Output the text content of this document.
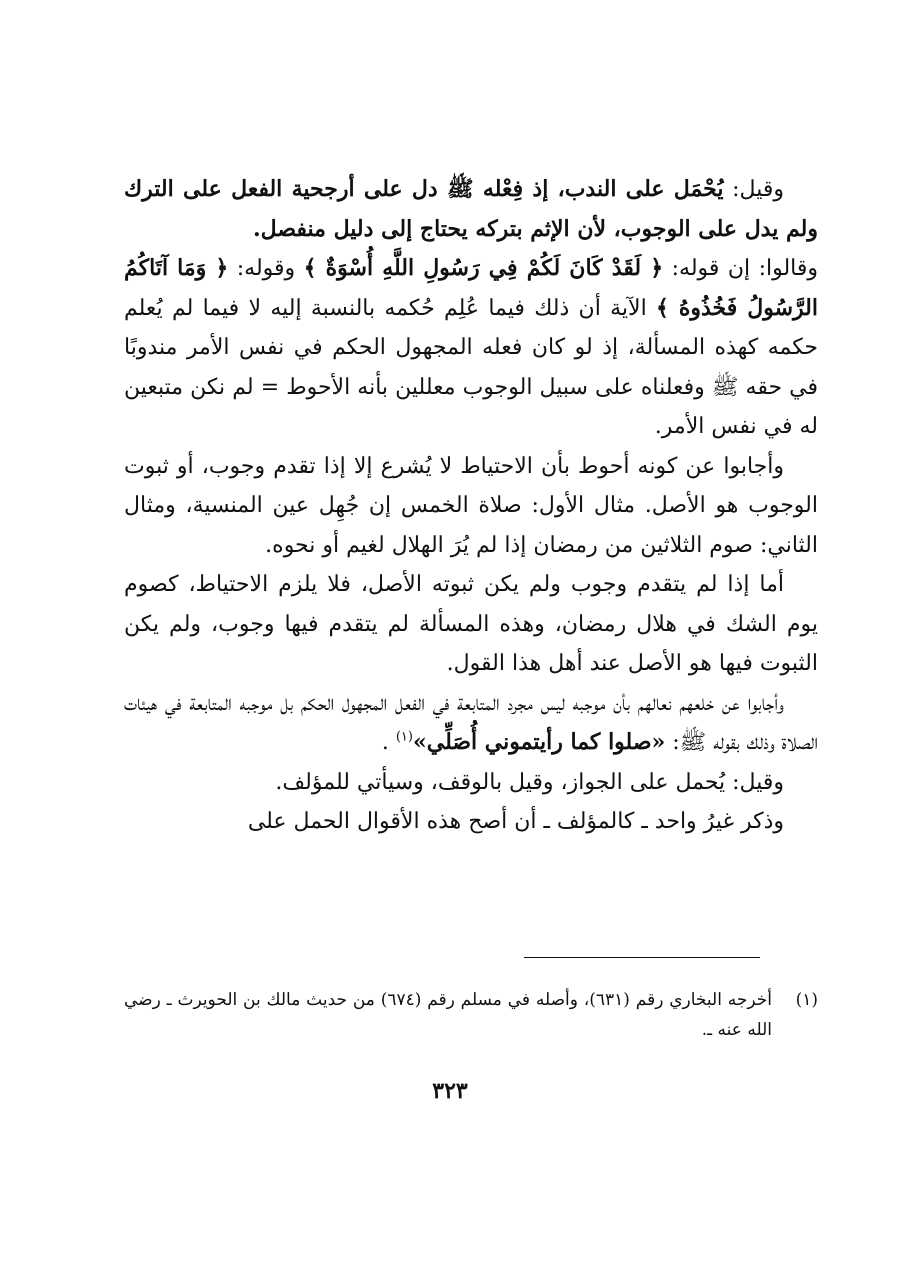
وقيل: يُحْمَل على الندب، إذ فِعْله ﷺ دل على أرجحية الفعل على الترك ولم يدل على الوجوب، لأن الإثم بتركه يحتاج إلى دليل منفصل.

وقالوا: إن قوله: ﴿ لَقَدْ كَانَ لَكُمْ فِي رَسُولِ اللَّهِ أُسْوَةٌ ﴾ وقوله: ﴿ وَمَا آتَاكُمُ الرَّسُولُ فَخُذُوهُ ﴾ الآية أن ذلك فيما عُلِم حُكمه بالنسبة إليه لا فيما لم يُعلم حكمه كهذه المسألة، إذ لو كان فعله المجهول الحكم في نفس الأمر مندوبًا في حقه ﷺ وفعلناه على سبيل الوجوب معللين بأنه الأحوط = لم نكن متبعين له في نفس الأمر.

وأجابوا عن كونه أحوط بأن الاحتياط لا يُشرع إلا إذا تقدم وجوب، أو ثبوت الوجوب هو الأصل. مثال الأول: صلاة الخمس إن جُهِل عين المنسية، ومثال الثاني: صوم الثلاثين من رمضان إذا لم يُرَ الهلال لغيم أو نحوه.

أما إذا لم يتقدم وجوب ولم يكن ثبوته الأصل، فلا يلزم الاحتياط، كصوم يوم الشك في هلال رمضان، وهذه المسألة لم يتقدم فيها وجوب، ولم يكن الثبوت فيها هو الأصل عند أهل هذا القول.

وأجابوا عن خلعهم نعالهم بأن موجبه ليس مجرد المتابعة في الفعل المجهول الحكم بل موجبه المتابعة في هيئات الصلاة وذلك بقوله ﷺ: «صلوا كما رأيتموني أُصَلِّي»$^{(١)}$ .

وقيل: يُحمل على الجواز، وقيل بالوقف، وسيأتي للمؤلف.

وذكر غيرُ واحد ـ كالمؤلف ـ أن أصح هذه الأقوال الحمل على

(١)
أخرجه البخاري رقم (٦٣١)، وأصله في مسلم رقم (٦٧٤) من حديث مالك بن الحويرث ـ رضي الله عنه ـ.

٣٢٣
